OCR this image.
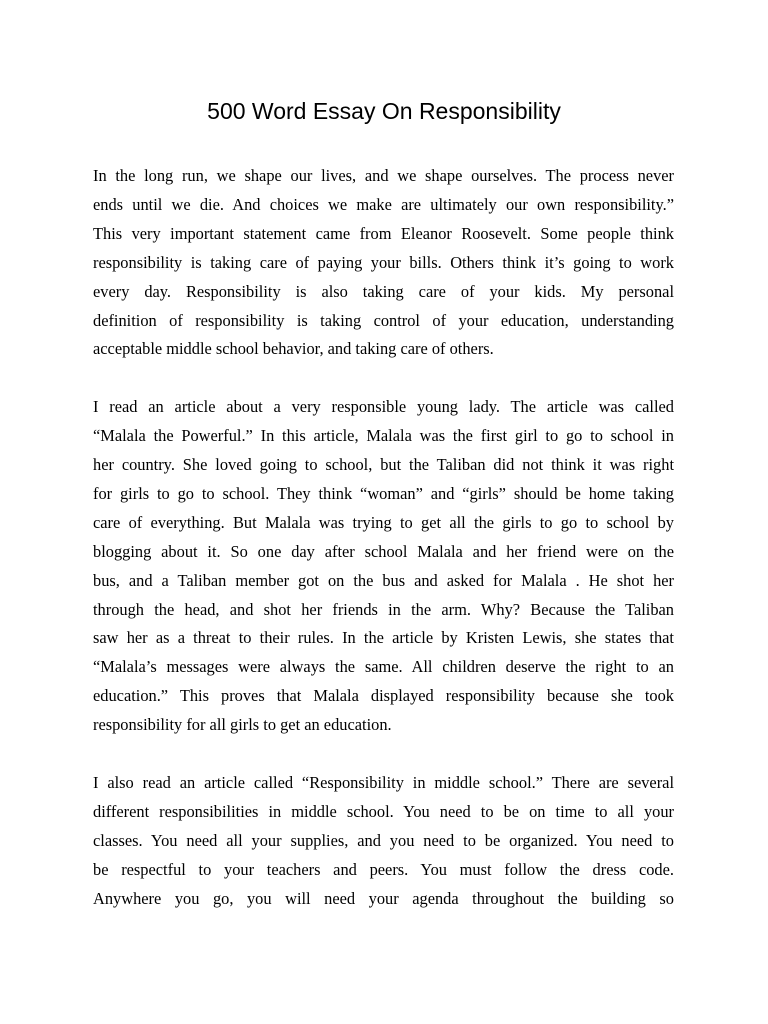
500 Word Essay On Responsibility
In the long run, we shape our lives, and we shape ourselves. The process never
ends until we die. And choices we make are ultimately our own responsibility.”
This very important statement came from Eleanor Roosevelt. Some people think
responsibility is taking care of paying your bills. Others think it’s going to work
every day. Responsibility is also taking care of your kids. My personal
definition of responsibility is taking control of your education, understanding
acceptable middle school behavior, and taking care of others.
I read an article about a very responsible young lady. The article was called
“Malala the Powerful.” In this article, Malala was the first girl to go to school in
her country. She loved going to school, but the Taliban did not think it was right
for girls to go to school. They think “woman” and “girls” should be home taking
care of everything. But Malala was trying to get all the girls to go to school by
blogging about it. So one day after school Malala and her friend were on the
bus, and a Taliban member got on the bus and asked for Malala . He shot her
through the head, and shot her friends in the arm. Why? Because the Taliban
saw her as a threat to their rules. In the article by Kristen Lewis, she states that
“Malala’s messages were always the same. All children deserve the right to an
education.” This proves that Malala displayed responsibility because she took
responsibility for all girls to get an education.
I also read an article called “Responsibility in middle school.” There are several
different responsibilities in middle school. You need to be on time to all your
classes. You need all your supplies, and you need to be organized. You need to
be respectful to your teachers and peers. You must follow the dress code.
Anywhere you go, you will need your agenda throughout the building so
